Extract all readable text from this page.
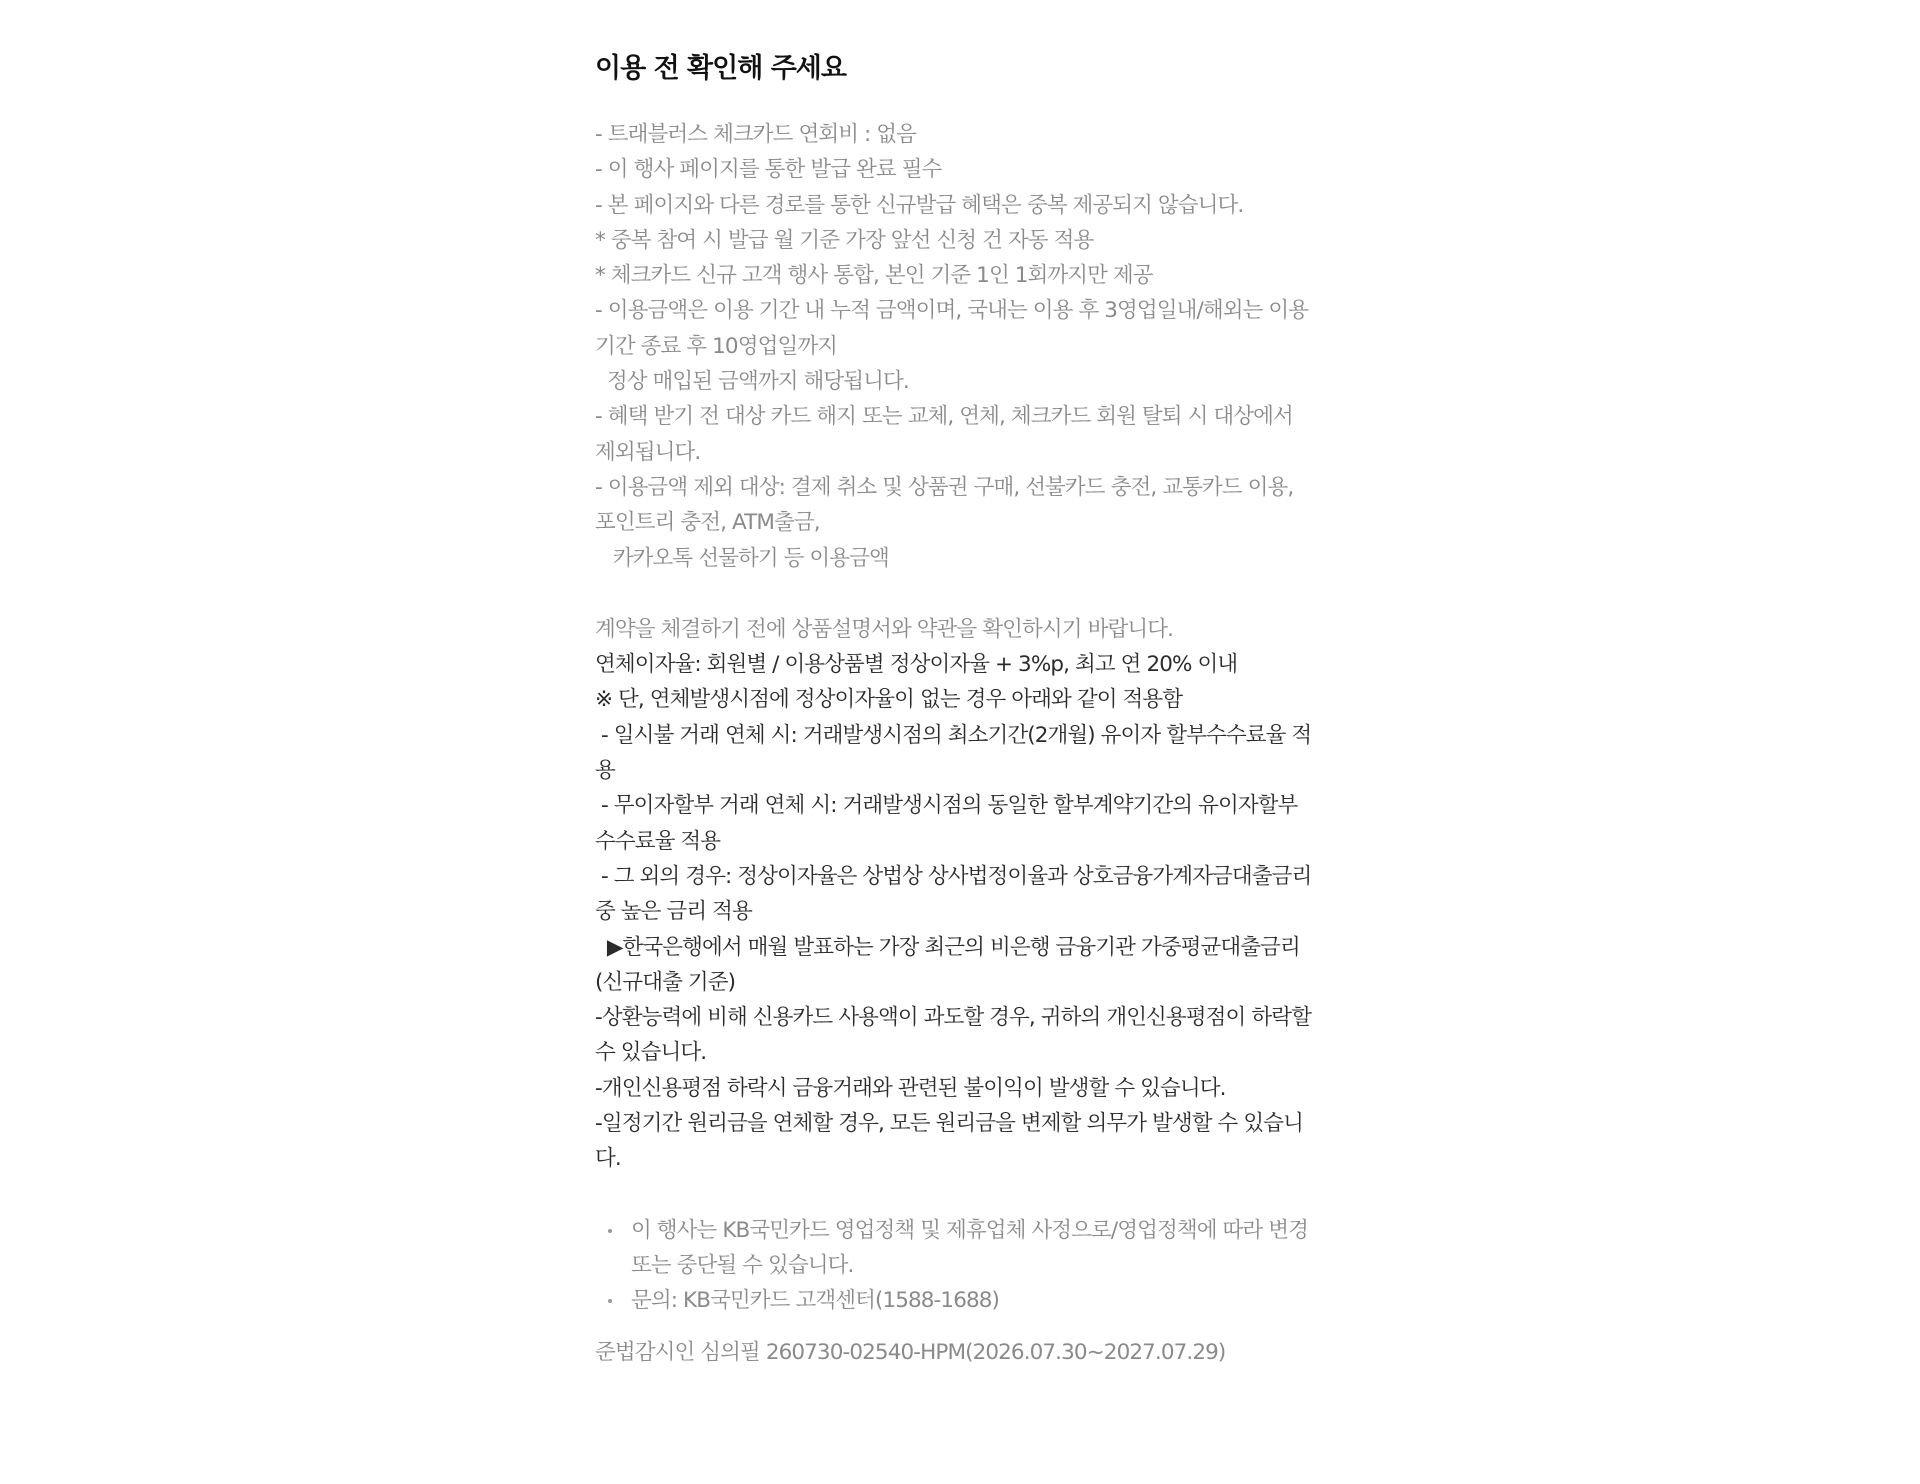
이용 전 확인해 주세요
- 트래블러스 체크카드 연회비 : 없음
- 이 행사 페이지를 통한 발급 완료 필수
- 본 페이지와 다른 경로를 통한 신규발급 혜택은 중복 제공되지 않습니다.
* 중복 참여 시 발급 월 기준 가장 앞선 신청 건 자동 적용
* 체크카드 신규 고객 행사 통합, 본인 기준 1인 1회까지만 제공
- 이용금액은 이용 기간 내 누적 금액이며, 국내는 이용 후 3영업일내/해외는 이용기간 종료 후 10영업일까지
정상 매입된 금액까지 해당됩니다.
- 혜택 받기 전 대상 카드 해지 또는 교체, 연체, 체크카드 회원 탈퇴 시 대상에서 제외됩니다.
- 이용금액 제외 대상: 결제 취소 및 상품권 구매, 선불카드 충전, 교통카드 이용, 포인트리 충전, ATM출금,
카카오톡 선물하기 등 이용금액
계약을 체결하기 전에 상품설명서와 약관을 확인하시기 바랍니다.
연체이자율: 회원별 / 이용상품별 정상이자율 + 3%p, 최고 연 20% 이내
※ 단, 연체발생시점에 정상이자율이 없는 경우 아래와 같이 적용함
- 일시불 거래 연체 시: 거래발생시점의 최소기간(2개월) 유이자 할부수수료율 적용
- 무이자할부 거래 연체 시: 거래발생시점의 동일한 할부계약기간의 유이자할부수수료율 적용
- 그 외의 경우: 정상이자율은 상법상 상사법정이율과 상호금융가계자금대출금리 중 높은 금리 적용
▶한국은행에서 매월 발표하는 가장 최근의 비은행 금융기관 가중평균대출금리(신규대출 기준)
-상환능력에 비해 신용카드 사용액이 과도할 경우, 귀하의 개인신용평점이 하락할 수 있습니다.
-개인신용평점 하락시 금융거래와 관련된 불이익이 발생할 수 있습니다.
-일정기간 원리금을 연체할 경우, 모든 원리금을 변제할 의무가 발생할 수 있습니다.
이 행사는 KB국민카드 영업정책 및 제휴업체 사정으로/영업정책에 따라 변경 또는 중단될 수 있습니다.
문의: KB국민카드 고객센터(1588-1688)
준법감시인 심의필 260730-02540-HPM(2026.07.30~2027.07.29)
